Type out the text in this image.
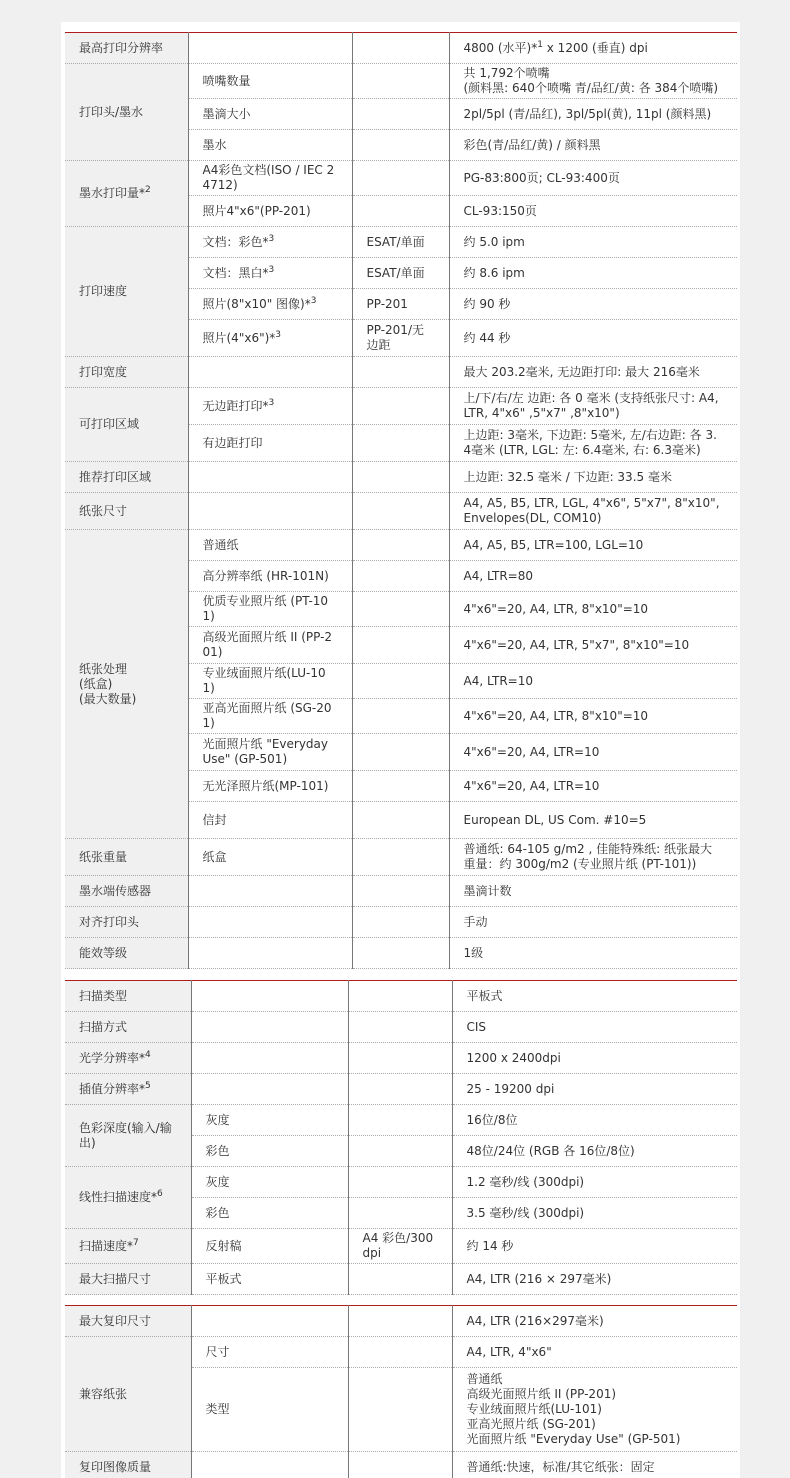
最高打印分辨率			4800 (水平)*$^1$ x 1200 (垂直) dpi
打印头/墨水	喷嘴数量		共 1,792个喷嘴
(颜料黑: 640个喷嘴 青/品红/黄: 各 384个喷嘴)
	墨滴大小		2pl/5pl (青/品红), 3pl/5pl(黄), 11pl (颜料黑)
	墨水		彩色(青/品红/黄) / 颜料黑
墨水打印量*$^2$	A4彩色文档(ISO / IEC 24712)		PG-83:800页; CL-93:400页
	照片4"x6"(PP-201)		CL-93:150页
打印速度	文档：彩色*$^3$	ESAT/单面	约 5.0 ipm
	文档：黑白*$^3$	ESAT/单面	约 8.6 ipm
	照片(8"x10" 图像)*$^3$	PP-201	约 90 秒
	照片(4"x6")*$^3$	PP-201/无边距	约 44 秒
打印宽度			最大 203.2毫米, 无边距打印: 最大 216毫米
可打印区域	无边距打印*$^3$		上/下/右/左 边距: 各 0 毫米 (支持纸张尺寸: A4, LTR, 4"x6" ,5"x7" ,8"x10")
	有边距打印		上边距: 3毫米, 下边距: 5毫米, 左/右边距: 各 3.4毫米 (LTR, LGL: 左: 6.4毫米, 右: 6.3毫米)
推荐打印区域			上边距: 32.5 毫米 / 下边距: 33.5 毫米
纸张尺寸			A4, A5, B5, LTR, LGL, 4"x6", 5"x7", 8"x10", Envelopes(DL, COM10)
纸张处理
(纸盒)
(最大数量)	普通纸		A4, A5, B5, LTR=100, LGL=10
	高分辨率纸 (HR-101N)		A4, LTR=80
	优质专业照片纸 (PT-101)		4"x6"=20, A4, LTR, 8"x10"=10
	高级光面照片纸 II (PP-201)		4"x6"=20, A4, LTR, 5"x7", 8"x10"=10
	专业绒面照片纸(LU-101)		A4, LTR=10
	亚高光面照片纸 (SG-201)		4"x6"=20, A4, LTR, 8"x10"=10
	光面照片纸 "Everyday Use" (GP-501)		4"x6"=20, A4, LTR=10
	无光泽照片纸(MP-101)		4"x6"=20, A4, LTR=10
	信封		European DL, US Com. #10=5
纸张重量	纸盒		普通纸: 64-105 g/m2 , 佳能特殊纸: 纸张最大重量：约 300g/m2 (专业照片纸 (PT-101))
墨水端传感器			墨滴计数
对齐打印头			手动
能效等级			1级
扫描类型			平板式
扫描方式			CIS
光学分辨率*$^4$			1200 x 2400dpi
插值分辨率*$^5$			25 - 19200 dpi
色彩深度(输入/输出)	灰度		16位/8位
	彩色		48位/24位 (RGB 各 16位/8位)
线性扫描速度*$^6$	灰度		1.2 毫秒/线 (300dpi)
	彩色		3.5 毫秒/线 (300dpi)
扫描速度*$^7$	反射稿	A4 彩色/300dpi	约 14 秒
最大扫描尺寸	平板式		A4, LTR (216 × 297毫米)
最大复印尺寸			A4, LTR (216×297毫米)
兼容纸张	尺寸		A4, LTR, 4"x6"
	类型		普通纸
高级光面照片纸 II (PP-201)
专业绒面照片纸(LU-101)
亚高光照片纸 (SG-201)
光面照片纸 "Everyday Use" (GP-501)
复印图像质量			普通纸:快速，标准/其它纸张：固定
